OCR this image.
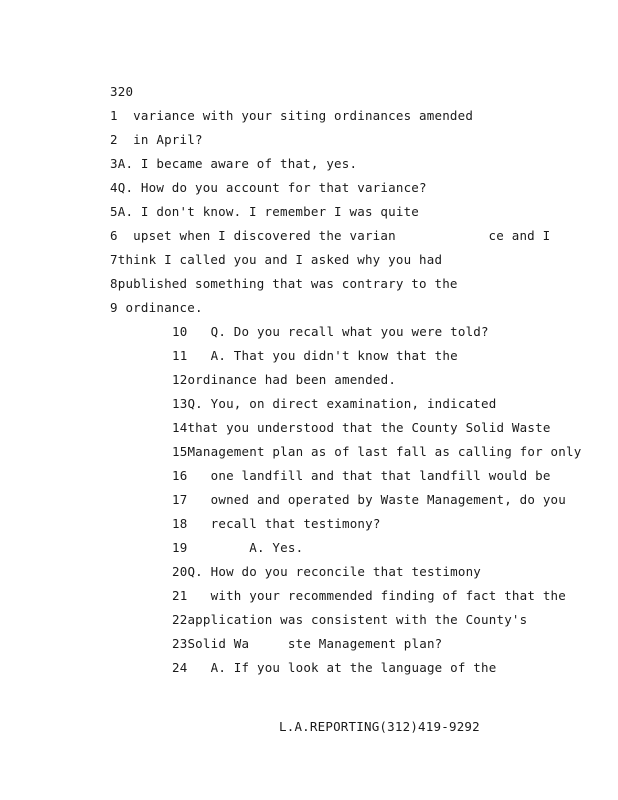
320
1  variance with your siting ordinances amended
2  in April?
3A. I became aware of that, yes.
4Q. How do you account for that variance?
5A. I don't know. I remember I was quite
6  upset when I discovered the varian            ce and I
7think I called you and I asked why you had
8published something that was contrary to the
9 ordinance.
10   Q. Do you recall what you were told?
11   A. That you didn't know that the
12ordinance had been amended.
13Q. You, on direct examination, indicated
14that you understood that the County Solid Waste
15Management plan as of last fall as calling for only
16   one landfill and that that landfill would be
17   owned and operated by Waste Management, do you
18   recall that testimony?
19        A. Yes.
20Q. How do you reconcile that testimony
21   with your recommended finding of fact that the
22application was consistent with the County's
23Solid Wa     ste Management plan?
24   A. If you look at the language of the
L.A.REPORTING(312)419-9292
